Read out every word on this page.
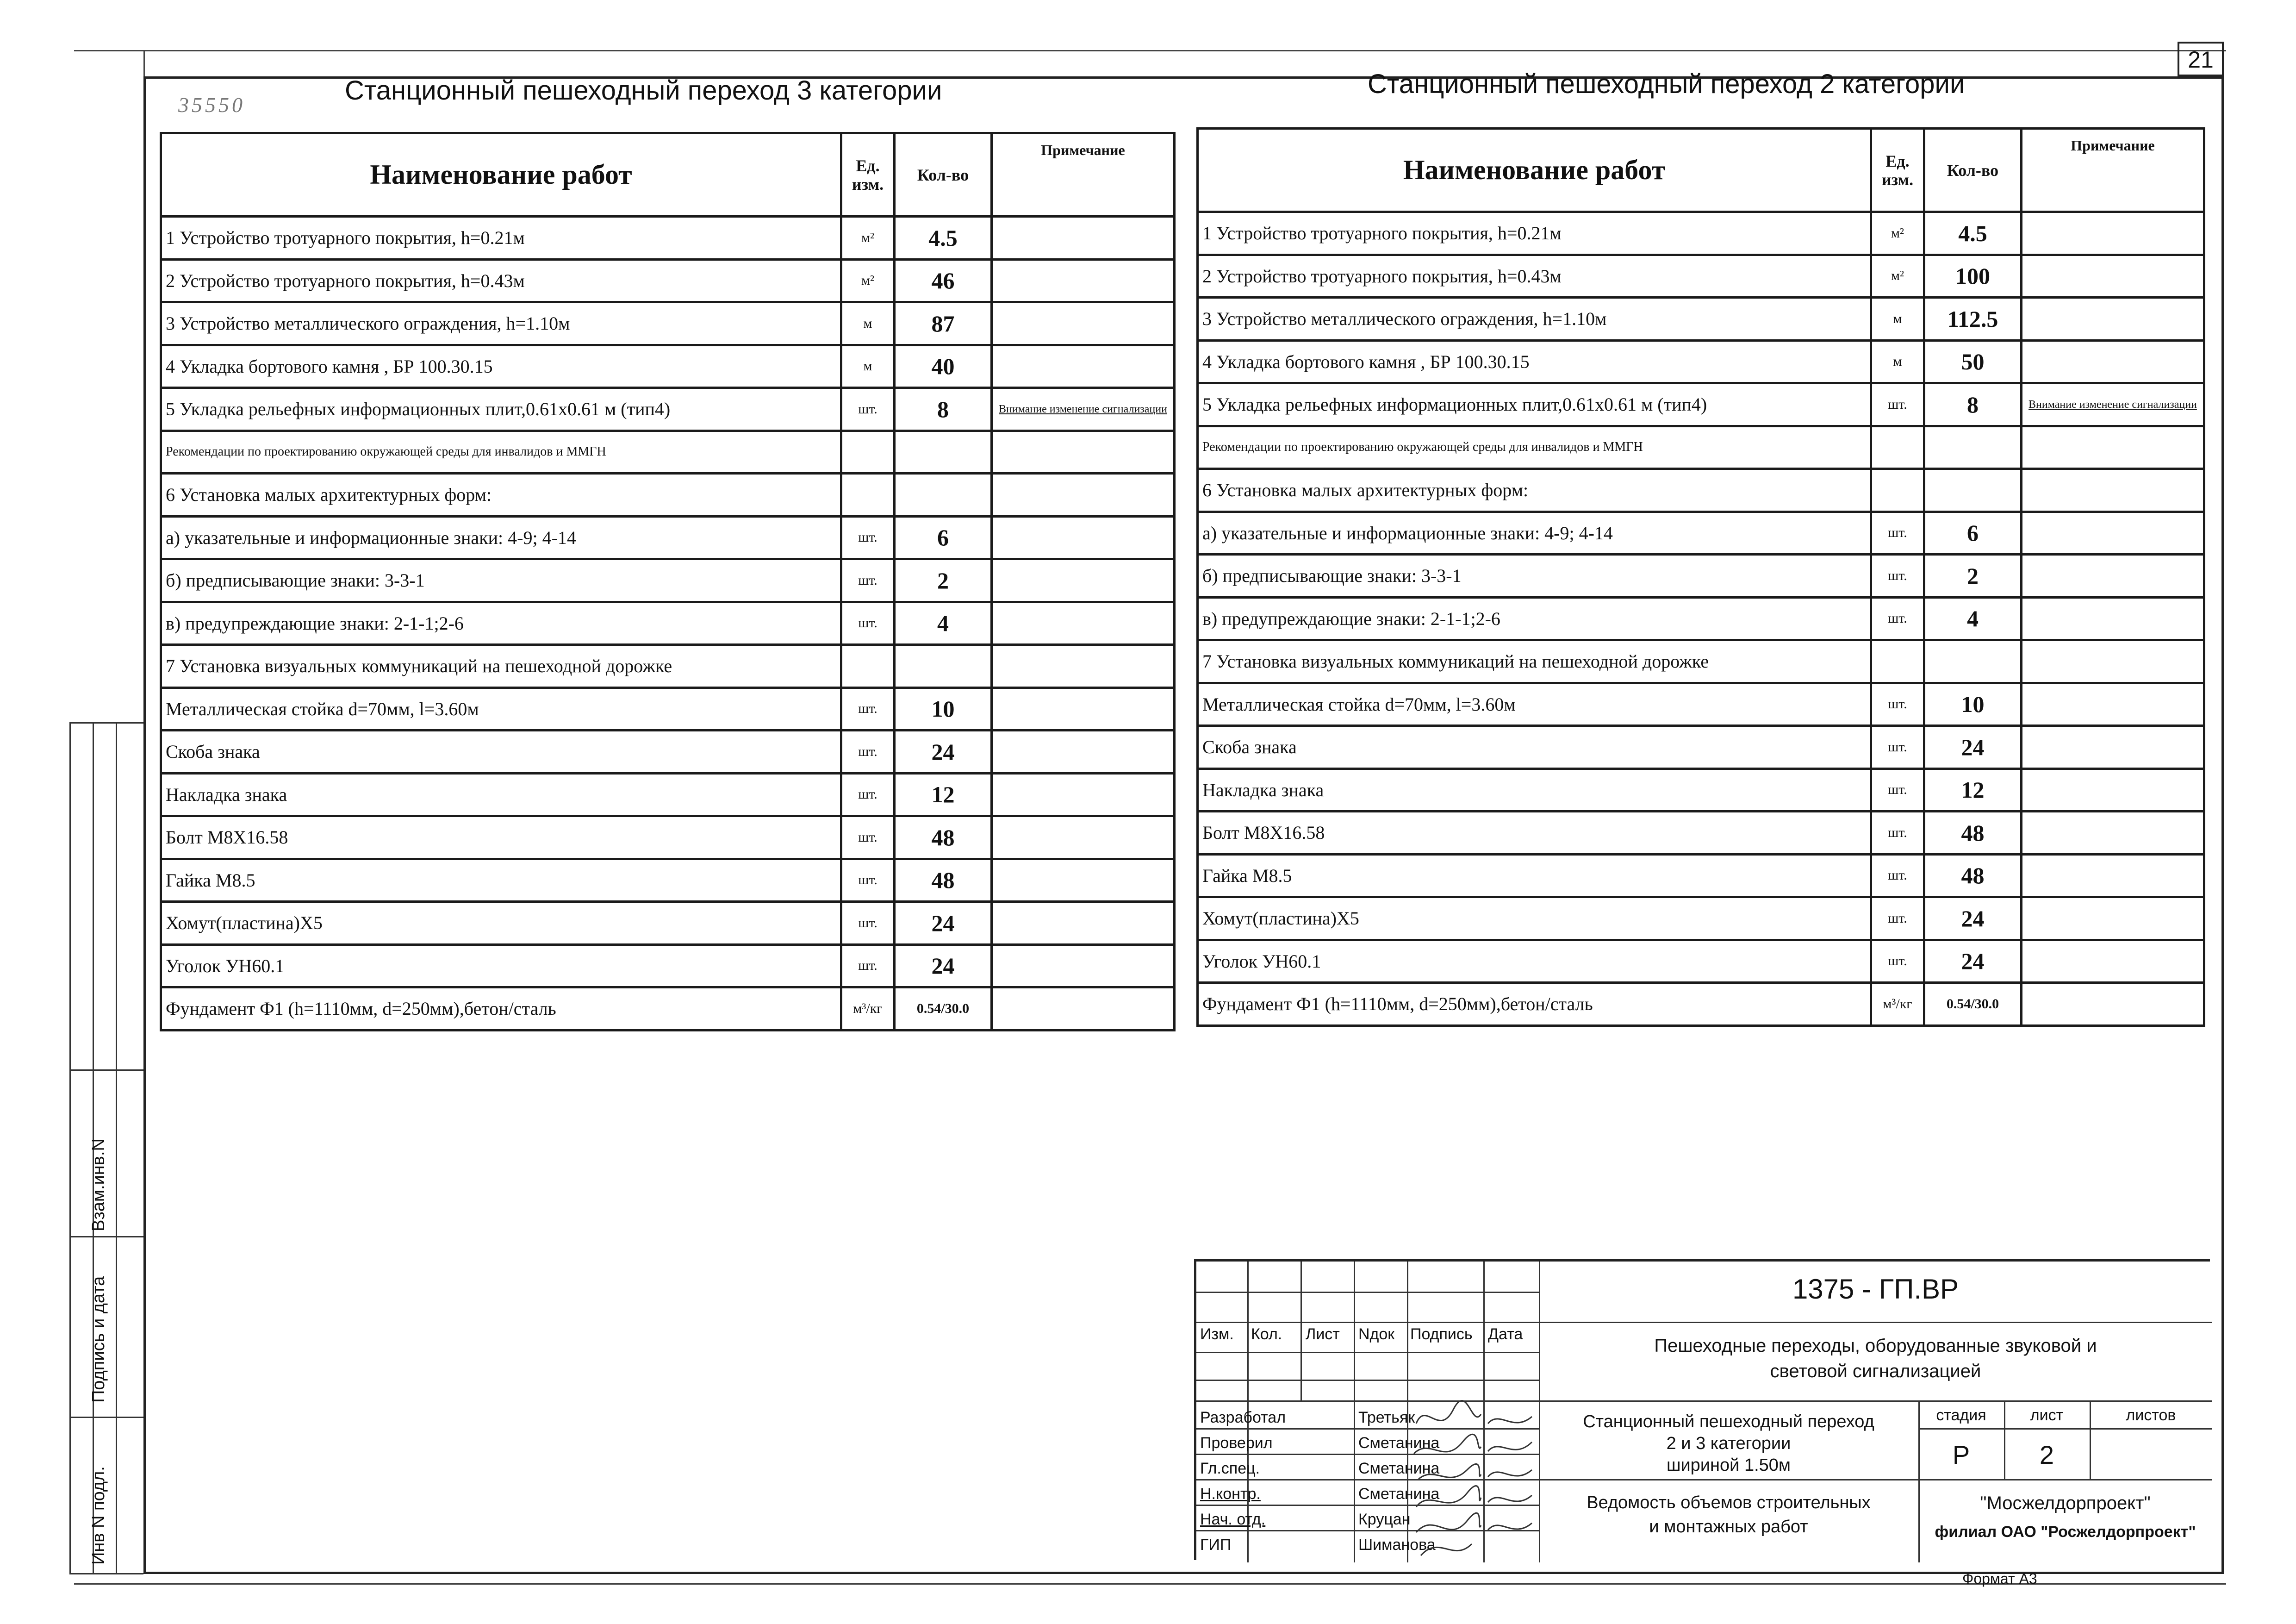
21
Формат А3
Инв N подл.
Подпись и дата
Взам.инв.N
35550	Станционный пешеходный переход 3 категории	Станционный пешеходный переход 2 категории
Наименование работ	Ед. изм.	Кол-во	Примечание
1 Устройство тротуарного покрытия, h=0.21м	м²	4.5	
2 Устройство тротуарного покрытия, h=0.43м	м²	46	
3 Устройство металлического ограждения, h=1.10м	м	87	
4 Укладка бортового камня , БР 100.30.15	м	40	
5 Укладка рельефных информационных плит,0.61x0.61 м (тип4)	шт.	8	Внимание изменение сигнализации
Рекомендации по проектированию окружающей среды для инвалидов и ММГН			
6 Установка малых архитектурных форм:			
а) указательные и информационные знаки: 4-9; 4-14	шт.	6	
б) предписывающие знаки: 3-3-1	шт.	2	
в) предупреждающие знаки: 2-1-1;2-6	шт.	4	
7 Установка визуальных коммуникаций на пешеходной дорожке			
Металлическая стойка d=70мм, l=3.60м	шт.	10	
Скоба знака	шт.	24	
Накладка знака	шт.	12	
Болт М8Х16.58	шт.	48	
Гайка М8.5	шт.	48	
Хомут(пластина)Х5	шт.	24	
Уголок УН60.1	шт.	24	
Фундамент Ф1 (h=1110мм, d=250мм),бетон/сталь	м³/кг	0.54/30.0	
Наименование работ	Ед. изм.	Кол-во	Примечание
1 Устройство тротуарного покрытия, h=0.21м	м²	4.5	
2 Устройство тротуарного покрытия, h=0.43м	м²	100	
3 Устройство металлического ограждения, h=1.10м	м	112.5	
4 Укладка бортового камня , БР 100.30.15	м	50	
5 Укладка рельефных информационных плит,0.61x0.61 м (тип4)	шт.	8	Внимание изменение сигнализации
Рекомендации по проектированию окружающей среды для инвалидов и ММГН			
6 Установка малых архитектурных форм:			
а) указательные и информационные знаки: 4-9; 4-14	шт.	6	
б) предписывающие знаки: 3-3-1	шт.	2	
в) предупреждающие знаки: 2-1-1;2-6	шт.	4	
7 Установка визуальных коммуникаций на пешеходной дорожке			
Металлическая стойка d=70мм, l=3.60м	шт.	10	
Скоба знака	шт.	24	
Накладка знака	шт.	12	
Болт М8Х16.58	шт.	48	
Гайка М8.5	шт.	48	
Хомут(пластина)Х5	шт.	24	
Уголок УН60.1	шт.	24	
Фундамент Ф1 (h=1110мм, d=250мм),бетон/сталь	м³/кг	0.54/30.0	
Изм. Кол. Лист Nдок Подпись Дата
Разработал	Третьяк
Проверил	Сметанина
Гл.спец.	Сметанина
Н.контр.	Сметанина
Нач. отд.	Круцан
ГИП	Шиманова
1375 - ГП.ВР
Пешеходные переходы, оборудованные звуковой и
световой сигнализацией
Станционный пешеходный переход
2 и 3 категории
шириной 1.50м
Ведомость объемов строительных
и монтажных работ
стадия	лист	листов
Р	2
"Мосжелдорпроект"
филиал ОАО "Росжелдорпроект"
